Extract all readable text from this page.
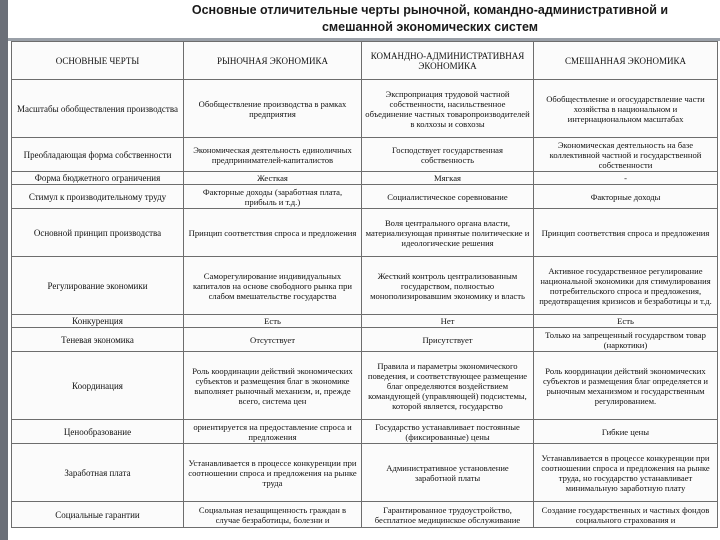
Основные отличительные черты рыночной, командно-административной и
смешанной экономических систем
ОСНОВНЫЕ ЧЕРТЫ	РЫНОЧНАЯ ЭКОНОМИКА	КОМАНДНО-АДМИНИСТРАТИВНАЯ ЭКОНОМИКА	СМЕШАННАЯ ЭКОНОМИКА
Масштабы обобществления производства	Обобществление производства в рамках предприятия	Экспроприация трудовой частной собственности, насильственное объединение частных товаропроизводителей в колхозы и совхозы	Обобществление и огосударствление части хозяйства в национальном и интернациональном масштабах
Преобладающая форма собственности	Экономическая деятельность единоличных предпринимателей-капиталистов	Господствует государственная собственность	Экономическая деятельность на базе коллективной частной и государственной собственности
Форма бюджетного ограничения	Жесткая	Мягкая	-
Стимул к производительному труду	Факторные доходы (заработная плата, прибыль и т.д.)	Социалистическое соревнование	Факторные доходы
Основной принцип производства	Принцип соответствия спроса и предложения	Воля центрального органа власти, материализующая принятые политические и идеологические решения	Принцип соответствия спроса и предложения
Регулирование экономики	Саморегулирование индивидуальных капиталов на основе свободного рынка при слабом вмешательстве государства	Жесткий контроль централизованным государством, полностью монополизировавшим экономику и власть	Активное государственное регулирование национальной экономики для стимулирования потребительского спроса и предложения, предотвращения кризисов и безработицы и т.д.
Конкуренция	Есть	Нет	Есть
Теневая экономика	Отсутствует	Присутствует	Только на запрещенный государством товар (наркотики)
Координация	Роль координации действий экономических субъектов и размещения благ в экономике выполняет рыночный механизм, и, прежде всего, система цен	Правила и параметры экономического поведения, и соответствующее размещение благ определяются воздействием командующей (управляющей) подсистемы, которой является, государство	Роль координации действий экономических субъектов и размещения благ определяется и рыночным механизмом и государственным регулированием.
Ценообразование	ориентируется на предоставление спроса и предложения	Государство устанавливает постоянные (фиксированные) цены	Гибкие цены
Заработная плата	Устанавливается в процессе конкуренции при соотношении спроса и предложения на рынке труда	Административное установление заработной платы	Устанавливается в процессе конкуренции при соотношении спроса и предложения на рынке труда, но государство устанавливает минимальную заработную плату
Социальные гарантии	Социальная незащищенность граждан в случае безработицы, болезни и	Гарантированное трудоустройство, бесплатное медицинское обслуживание	Создание государственных и частных фондов социального страхования и
